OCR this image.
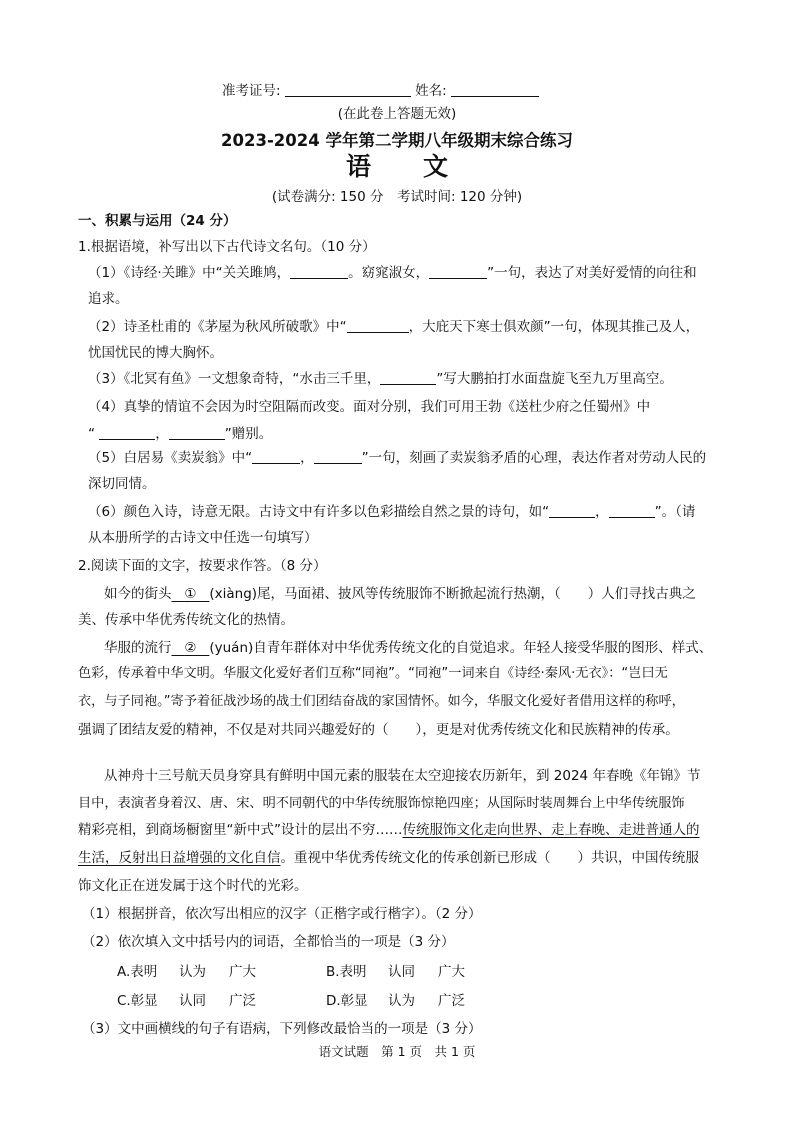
准考证号:	姓名:
(在此卷上答题无效)
2023-2024 学年第二学期八年级期末综合练习
语文
(试卷满分: 150 分　考试时间: 120 分钟)
一、积累与运用（24 分）
1.根据语境，补写出以下古代诗文名句。（10 分）
（1）《诗经·关雎》中“关关雎鸠，	。窈窕淑女，	”一句，表达了对美好爱情的向往和
追求。
（2）诗圣杜甫的《茅屋为秋风所破歌》中“	，大庇天下寒士俱欢颜”一句，体现其推己及人，
忧国忧民的博大胸怀。
（3）《北冥有鱼》一文想象奇特，“水击三千里，	”写大鹏拍打水面盘旋飞至九万里高空。
（4）真挚的情谊不会因为时空阻隔而改变。面对分别，我们可用王勃《送杜少府之任蜀州》中
“	，	”赠别。
（5）白居易《卖炭翁》中“	，	”一句，刻画了卖炭翁矛盾的心理，表达作者对劳动人民的
深切同情。
（6）颜色入诗，诗意无限。古诗文中有许多以色彩描绘自然之景的诗句，如“	，	”。（请
从本册所学的古诗文中任选一句填写）
2.阅读下面的文字，按要求作答。（8 分）
如今的街头 ① (xiàng)尾，马面裙、披风等传统服饰不断掀起流行热潮，（　　）人们寻找古典之
美、传承中华优秀传统文化的热情。
华服的流行 ② (yuán)自青年群体对中华优秀传统文化的自觉追求。年轻人接受华服的图形、样式、
色彩，传承着中华文明。华服文化爱好者们互称“同袍”。“同袍”一词来自《诗经·秦风·无衣》：“岂曰无
衣，与子同袍。”寄予着征战沙场的战士们团结奋战的家国情怀。如今，华服文化爱好者借用这样的称呼，
强调了团结友爱的精神，不仅是对共同兴趣爱好的（　　），更是对优秀传统文化和民族精神的传承。
从神舟十三号航天员身穿具有鲜明中国元素的服装在太空迎接农历新年，到 2024 年春晚《年锦》节
目中，表演者身着汉、唐、宋、明不同朝代的中华传统服饰惊艳四座；从国际时装周舞台上中华传统服饰
精彩亮相，到商场橱窗里“新中式”设计的层出不穷……传统服饰文化走向世界、走上春晚、走进普通人的
生活，反射出日益增强的文化自信。重视中华优秀传统文化的传承创新已形成（　　）共识，中国传统服
饰文化正在迸发属于这个时代的光彩。
（1）根据拼音，依次写出相应的汉字（正楷字或行楷字）。（2 分）
（2）依次填入文中括号内的词语，全都恰当的一项是（3 分）
A.表明 认为 广大	B.表明 认同 广大
C.彰显 认同 广泛	D.彰显 认为 广泛
（3）文中画横线的句子有语病，下列修改最恰当的一项是（3 分）
语文试题　第 1 页　共 1 页
